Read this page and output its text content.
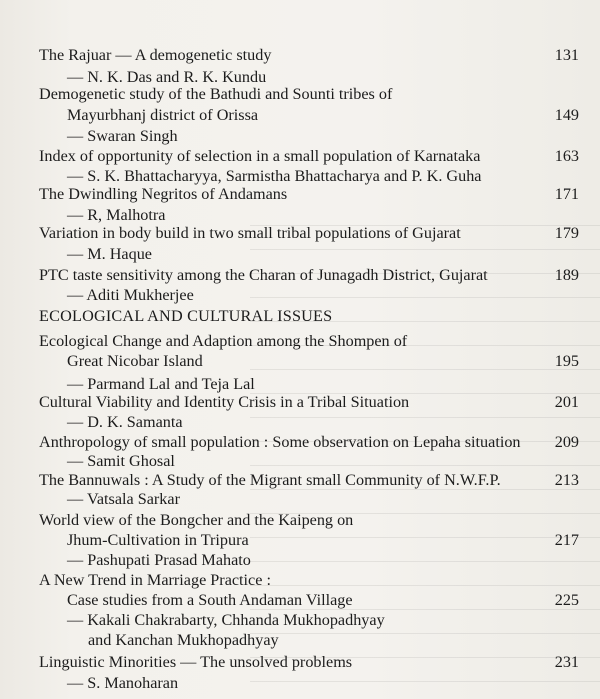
The Rajuar — A demogenetic study	131
— N. K. Das and R. K. Kundu
Demogenetic study of the Bathudi and Sounti tribes of
Mayurbhanj district of Orissa	149
— Swaran Singh
Index of opportunity of selection in a small population of Karnataka	163
— S. K. Bhattacharyya, Sarmistha Bhattacharya and P. K. Guha
The Dwindling Negritos of Andamans	171
— R, Malhotra
Variation in body build in two small tribal populations of Gujarat	179
— M. Haque
PTC taste sensitivity among the Charan of Junagadh District, Gujarat	189
— Aditi Mukherjee
ECOLOGICAL AND CULTURAL ISSUES
Ecological Change and Adaption among the Shompen of
Great Nicobar Island	195
— Parmand Lal and Teja Lal
Cultural Viability and Identity Crisis in a Tribal Situation	201
— D. K. Samanta
Anthropology of small population : Some observation on Lepaha situation	209
— Samit Ghosal
The Bannuwals : A Study of the Migrant small Community of N.W.F.P.	213
— Vatsala Sarkar
World view of the Bongcher and the Kaipeng on
Jhum-Cultivation in Tripura	217
— Pashupati Prasad Mahato
A New Trend in Marriage Practice :
Case studies from a South Andaman Village	225
— Kakali Chakrabarty, Chhanda Mukhopadhyay
and Kanchan Mukhopadhyay
Linguistic Minorities — The unsolved problems	231
— S. Manoharan
